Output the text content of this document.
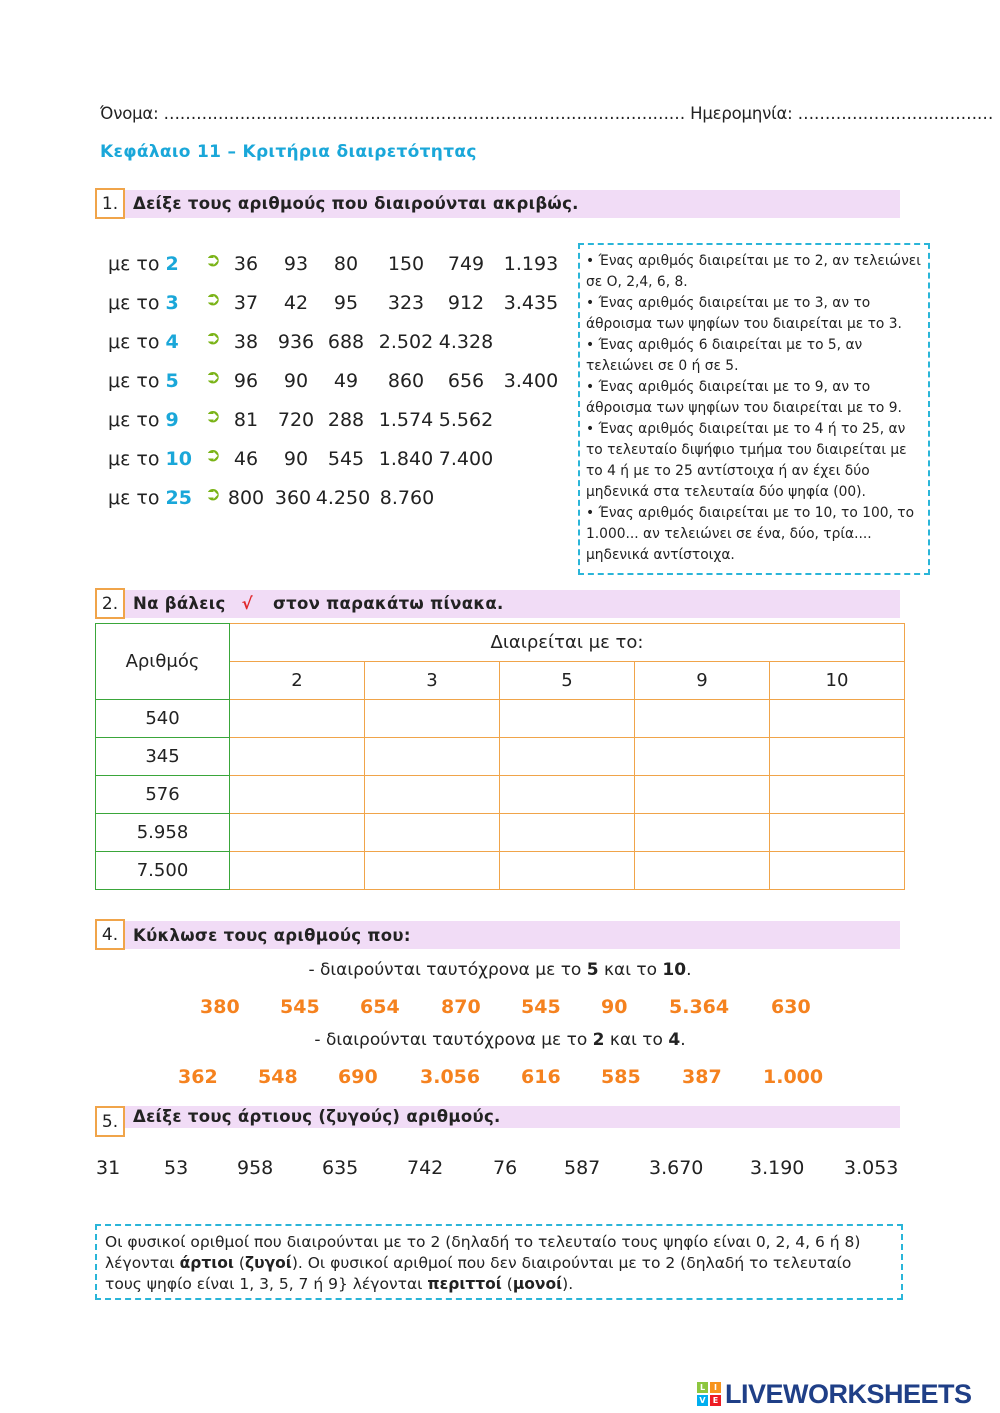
Όνομα: …………………………………………………………………………………… Ημερομηνία: ………………………………
Κεφάλαιο 11 – Κριτήρια διαιρετότητας
1. Δείξε τους αριθμούς που διαιρούνται ακριβώς.
με το 2 ➲ 36	93	80	150	749	1.193
με το 3 ➲ 37	42	95	323	912	3.435
με το 4 ➲ 38	936 688 2.502 4.328
με το 5 ➲ 96	90	49	860	656	3.400
με το 9 ➲ 81	720 288 1.574 5.562
με το 10 ➲ 46	90	545 1.840 7.400
με το 25 ➲ 800 360 4.250 8.760

• Ένας αριθμός διαιρείται με το 2, αν τελειώνει σε Ο, 2,4, 6, 8.

• Ένας αριθμός διαιρείται με το 3, αν το άθροισμα των ψηφίων του διαιρείται με το 3.

• Ένας αριθμός 6 διαιρείται με το 5, αν τελειώνει σε 0 ή σε 5.

• Ένας αριθμός διαιρείται με το 9, αν το άθροισμα των ψηφίων του διαιρείται με το 9.

• Ένας αριθμός διαιρείται με το 4 ή το 25, αν το τελευταίο διψήφιο τμήμα του διαιρείται με το 4 ή με το 25 αντίστοιχα ή αν έχει δύο μηδενικά στα τελευταία δύο ψηφία (00).

• Ένας αριθμός διαιρείται με το 10, το 100, το 1.000... αν τελειώνει σε ένα, δύο, τρία.... μηδενικά αντίστοιχα.

2. Να βάλεις √ στον παρακάτω πίνακα.
Αριθμός	Διαιρείται με το:				
	2	3	5	9	10
540					
345					
576					
5.958					
7.500					
4. Κύκλωσε τους αριθμούς που:
- διαιρούνται ταυτόχρονα με το 5 και το 10.
380 545 654 870 545 90 5.364 630
- διαιρούνται ταυτόχρονα με το 2 και το 4.
362 548 690 3.056 616 585 387 1.000
5. Δείξε τους άρτιους (ζυγούς) αριθμούς.
31 53	958	635	742	76 587	3.670 3.190 3.053
Οι φυσικοί οριθμοί που διαιρούνται με το 2 (δηλαδή το τελευταίο τους ψηφίο είναι 0, 2, 4, 6 ή 8) λέγονται άρτιοι (ζυγοί). Οι φυσικοί αριθμοί που δεν διαιρούνται με το 2 (δηλαδή το τελευταίο τους ψηφίο είναι 1, 3, 5, 7 ή 9} λέγονται περιττοί (μονοί).
L	I
V E LIVEWORKSHEETS
